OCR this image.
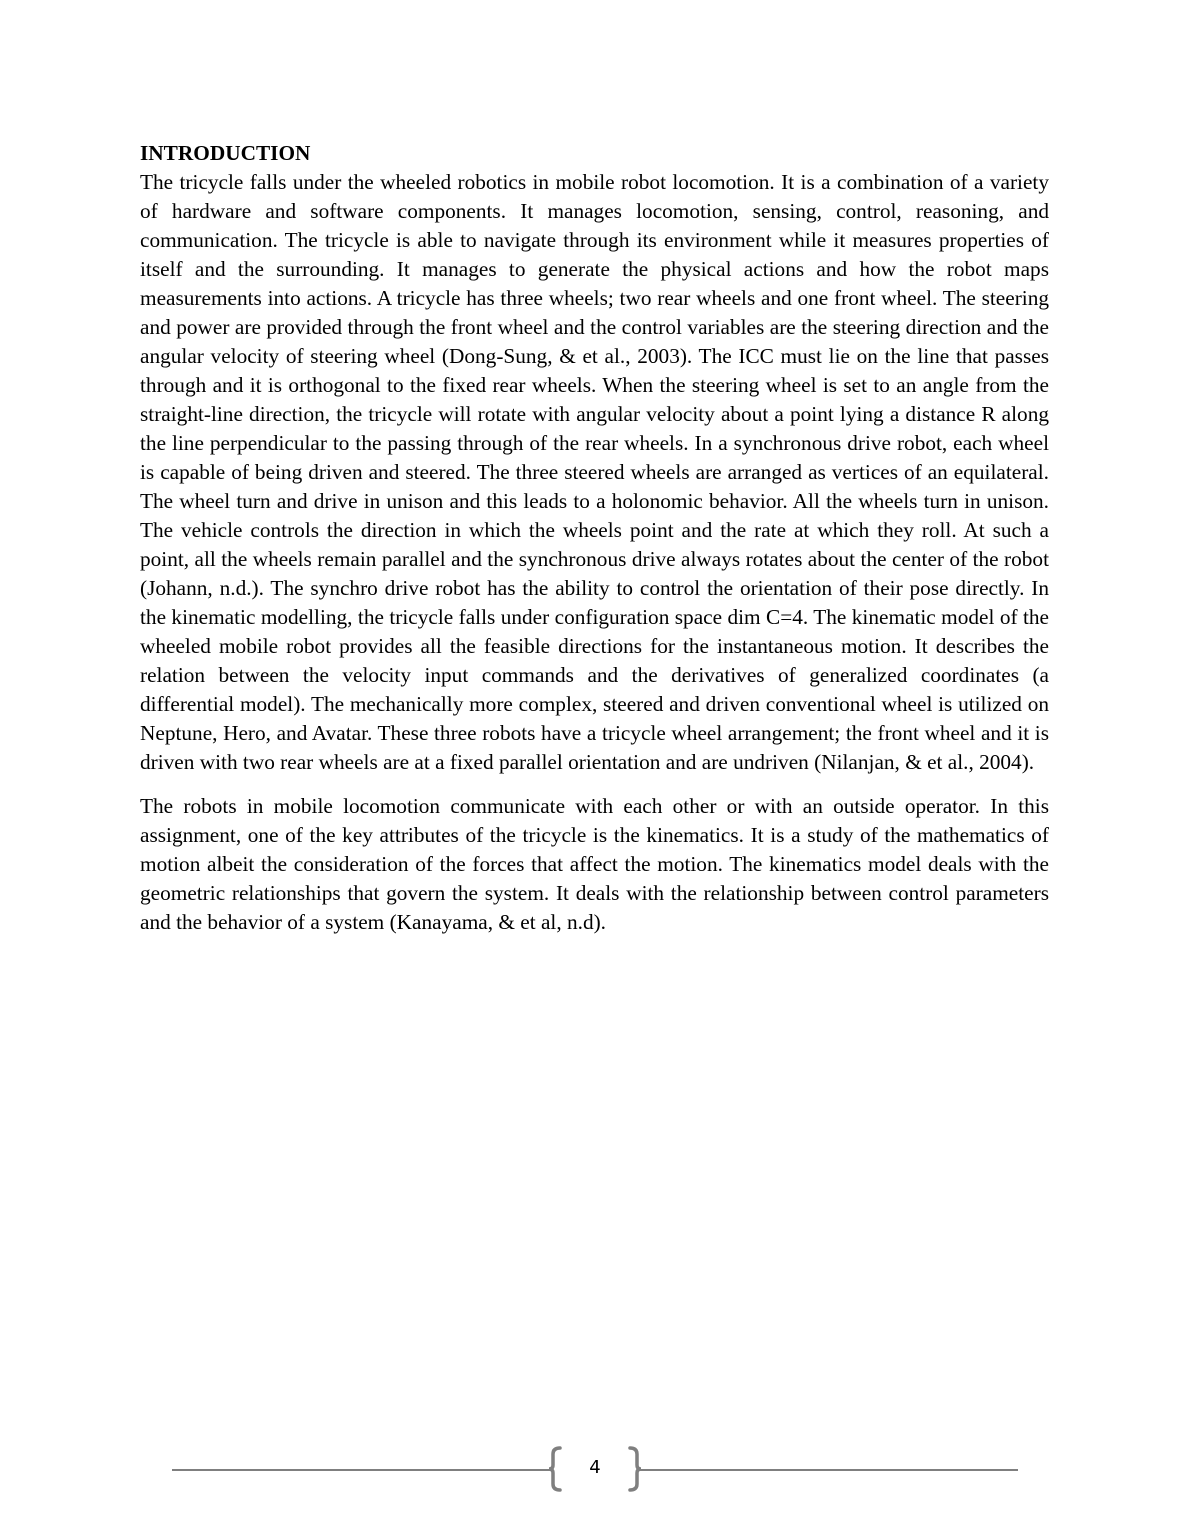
INTRODUCTION

The tricycle falls under the wheeled robotics in mobile robot locomotion. It is a combination of a variety of hardware and software components. It manages locomotion, sensing, control, reasoning, and communication. The tricycle is able to navigate through its environment while it measures properties of itself and the surrounding. It manages to generate the physical actions and how the robot maps measurements into actions. A tricycle has three wheels; two rear wheels and one front wheel. The steering and power are provided through the front wheel and the control variables are the steering direction and the angular velocity of steering wheel (Dong-Sung, & et al., 2003). The ICC must lie on the line that passes through and it is orthogonal to the fixed rear wheels. When the steering wheel is set to an angle from the straight-line direction, the tricycle will rotate with angular velocity about a point lying a distance R along the line perpendicular to the passing through of the rear wheels. In a synchronous drive robot, each wheel is capable of being driven and steered. The three steered wheels are arranged as vertices of an equilateral. The wheel turn and drive in unison and this leads to a holonomic behavior. All the wheels turn in unison. The vehicle controls the direction in which the wheels point and the rate at which they roll. At such a point, all the wheels remain parallel and the synchronous drive always rotates about the center of the robot (Johann, n.d.). The synchro drive robot has the ability to control the orientation of their pose directly. In the kinematic modelling, the tricycle falls under configuration space dim C=4. The kinematic model of the wheeled mobile robot provides all the feasible directions for the instantaneous motion. It describes the relation between the velocity input commands and the derivatives of generalized coordinates (a differential model). The mechanically more complex, steered and driven conventional wheel is utilized on Neptune, Hero, and Avatar. These three robots have a tricycle wheel arrangement; the front wheel and it is driven with two rear wheels are at a fixed parallel orientation and are undriven (Nilanjan, & et al., 2004).

The robots in mobile locomotion communicate with each other or with an outside operator. In this assignment, one of the key attributes of the tricycle is the kinematics. It is a study of the mathematics of motion albeit the consideration of the forces that affect the motion. The kinematics model deals with the geometric relationships that govern the system. It deals with the relationship between control parameters and the behavior of a system (Kanayama, & et al, n.d).

4
